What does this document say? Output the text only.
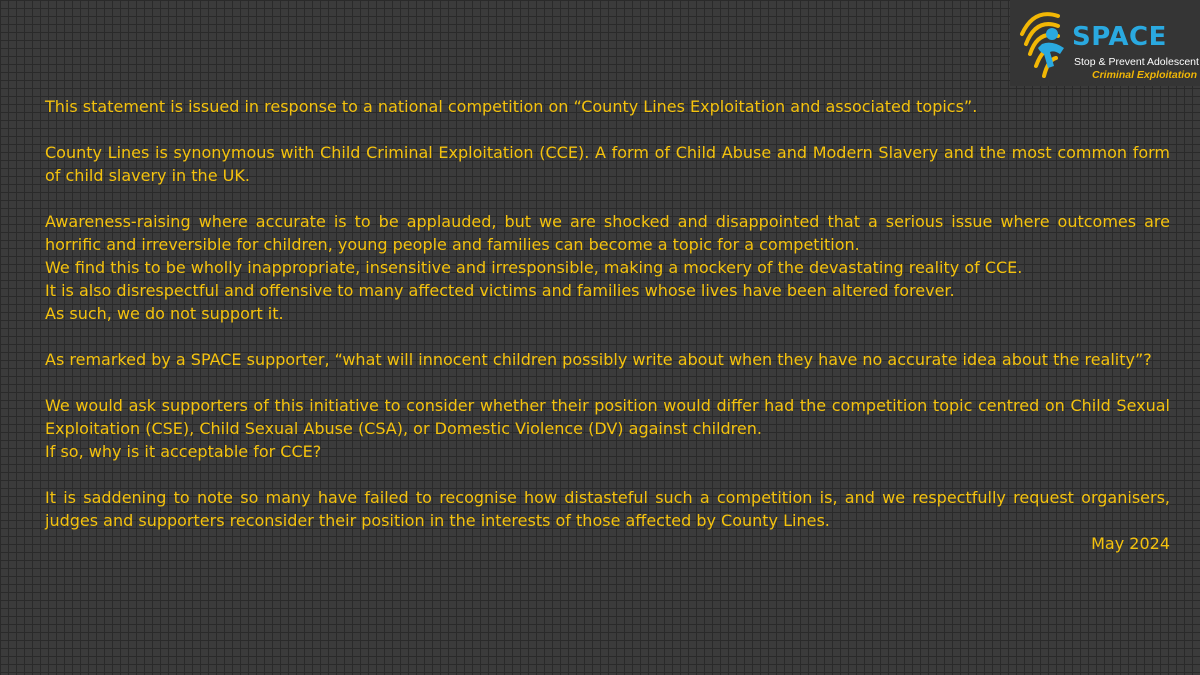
SPACE
Stop & Prevent Adolescent
Criminal Exploitation

This statement is issued in response to a national competition on “County Lines Exploitation and associated topics”.

County Lines is synonymous with Child Criminal Exploitation (CCE). A form of Child Abuse and Modern Slavery and the most common form of child slavery in the UK.

Awareness-raising where accurate is to be applauded, but we are shocked and disappointed that a serious issue where outcomes are horrific and irreversible for children, young people and families can become a topic for a competition.

We find this to be wholly inappropriate, insensitive and irresponsible, making a mockery of the devastating reality of CCE.

It is also disrespectful and offensive to many affected victims and families whose lives have been altered forever.

As such, we do not support it.

As remarked by a SPACE supporter, “what will innocent children possibly write about when they have no accurate idea about the reality”?

We would ask supporters of this initiative to consider whether their position would differ had the competition topic centred on Child Sexual Exploitation (CSE), Child Sexual Abuse (CSA), or Domestic Violence (DV) against children.

If so, why is it acceptable for CCE?

It is saddening to note so many have failed to recognise how distasteful such a competition is, and we respectfully request organisers, judges and supporters reconsider their position in the interests of those affected by County Lines.

May 2024
